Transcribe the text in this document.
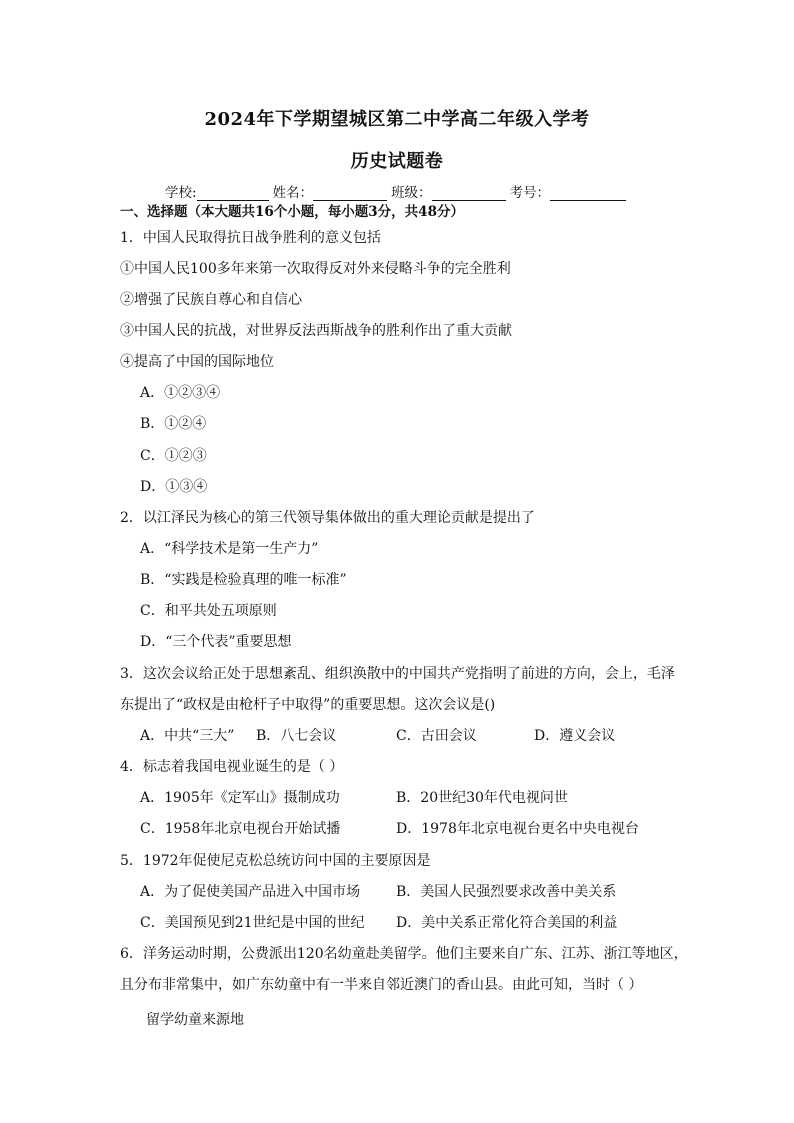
2024年下学期望城区第二中学高二年级入学考
历史试题卷
学校:	姓名：	班级：	考号：
一、选择题（本大题共16个小题，每小题3分，共48分）
1．中国人民取得抗日战争胜利的意义包括
①中国人民100多年来第一次取得反对外来侵略斗争的完全胜利
②增强了民族自尊心和自信心
③中国人民的抗战，对世界反法西斯战争的胜利作出了重大贡献
④提高了中国的国际地位
A．①②③④
B．①②④
C．①②③
D．①③④
2．以江泽民为核心的第三代领导集体做出的重大理论贡献是提出了
A．“科学技术是第一生产力”
B．“实践是检验真理的唯一标准”
C．和平共处五项原则
D．“三个代表”重要思想
3．这次会议给正处于思想紊乱、组织涣散中的中国共产党指明了前进的方向，会上，毛泽
东提出了“政权是由枪杆子中取得”的重要思想。这次会议是()
A．中共“三大” B．八七会议	C．古田会议	D．遵义会议
4．标志着我国电视业诞生的是（ ）
A．1905年《定军山》摄制成功	B．20世纪30年代电视问世
C．1958年北京电视台开始试播	D．1978年北京电视台更名中央电视台
5．1972年促使尼克松总统访问中国的主要原因是
A．为了促使美国产品进入中国市场	B．美国人民强烈要求改善中美关系
C．美国预见到21世纪是中国的世纪 D．美中关系正常化符合美国的利益
6．洋务运动时期，公费派出120名幼童赴美留学。他们主要来自广东、江苏、浙江等地区，
且分布非常集中，如广东幼童中有一半来自邻近澳门的香山县。由此可知，当时（ ）
留学幼童来源地
